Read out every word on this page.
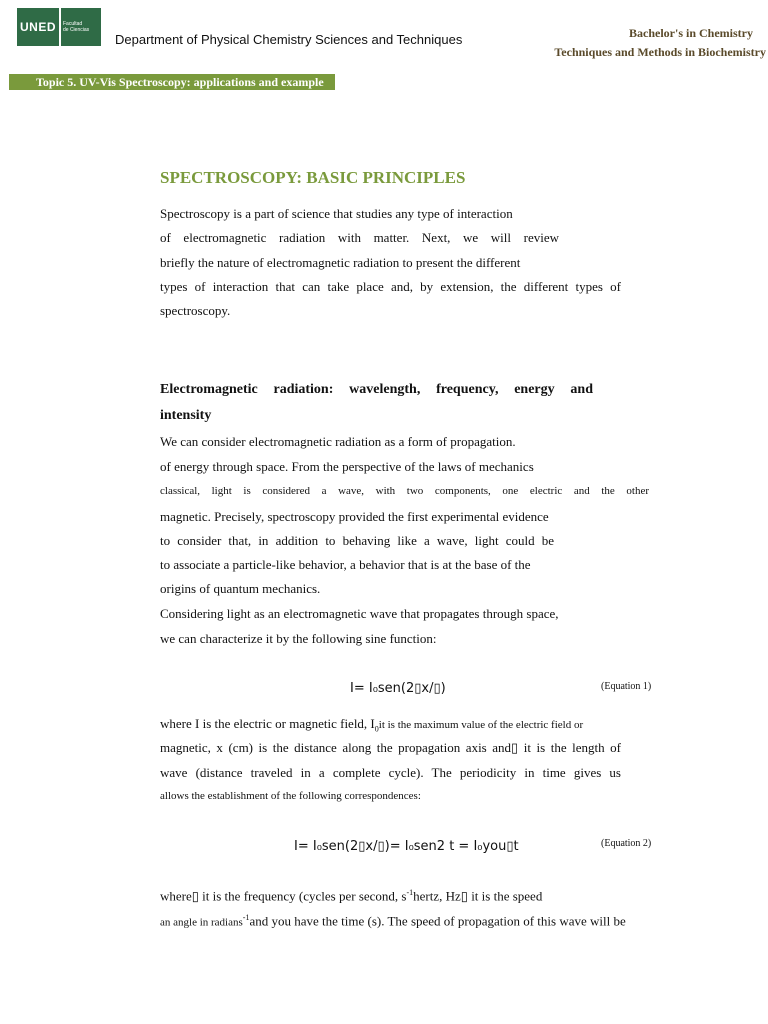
UNED	Facultad
de Ciencias
Department of Physical Chemistry Sciences and Techniques	Bachelor's in Chemistry
Techniques and Methods in Biochemistry
Topic 5. UV-Vis Spectroscopy: applications and example
SPECTROSCOPY: BASIC PRINCIPLES
Spectroscopy is a part of science that studies any type of interaction
of electromagnetic radiation with matter. Next, we will review
briefly the nature of electromagnetic radiation to present the different
types of interaction that can take place and, by extension, the different types of
spectroscopy.
Electromagnetic radiation: wavelength, frequency, energy and
intensity
We can consider electromagnetic radiation as a form of propagation.
of energy through space. From the perspective of the laws of mechanics
classical, light is considered a wave, with two components, one electric and the other
magnetic. Precisely, spectroscopy provided the first experimental evidence
to consider that, in addition to behaving like a wave, light could be
to associate a particle-like behavior, a behavior that is at the base of the
origins of quantum mechanics.
Considering light as an electromagnetic wave that propagates through space,
we can characterize it by the following sine function:
I= I₀sen(2▯x/▯)	(Equation 1)
where I is the electric or magnetic field, $I_0it$ is the maximum value of the electric field or
magnetic, x (cm) is the distance along the propagation axis and▯ it is the length of
wave (distance traveled in a complete cycle). The periodicity in time gives us
allows the establishment of the following correspondences:
I= I₀sen(2▯x/▯)= I₀sen2 t = I₀you▯t	(Equation 2)
where▯ it is the frequency (cycles per second, $s^{-1}hertz$, Hz▯ it is the speed
an angle in radians$^{-1}$and you have the time (s). The speed of propagation of this wave will be
